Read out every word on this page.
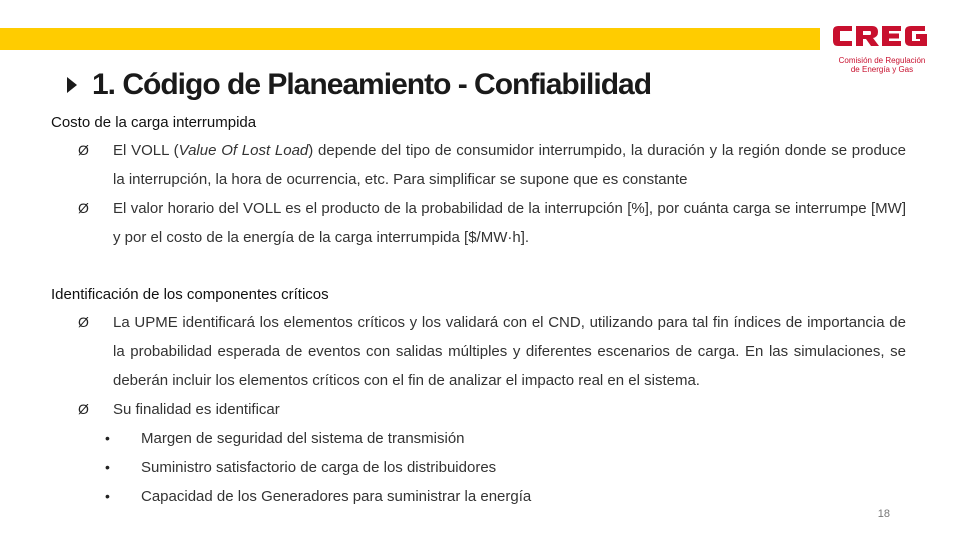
Comisión de Regulación
de Energía y Gas
1. Código de Planeamiento - Confiabilidad
Costo de la carga interrumpida
Ø El VOLL (Value Of Lost Load) depende del tipo de consumidor interrumpido, la duración y la región donde se produce la interrupción, la hora de ocurrencia, etc. Para simplificar se supone que es constante
Ø El valor horario del VOLL es el producto de la probabilidad de la interrupción [%], por cuánta carga se interrumpe [MW] y por el costo de la energía de la carga interrumpida [$/MW·h].
Identificación de los componentes críticos
Ø La UPME identificará los elementos críticos y los validará con el CND, utilizando para tal fin índices de importancia de la probabilidad esperada de eventos con salidas múltiples y diferentes escenarios de carga. En las simulaciones, se deberán incluir los elementos críticos con el fin de analizar el impacto real en el sistema.
Ø Su finalidad es identificar
• Margen de seguridad del sistema de transmisión
• Suministro satisfactorio de carga de los distribuidores
• Capacidad de los Generadores para suministrar la energía
18
